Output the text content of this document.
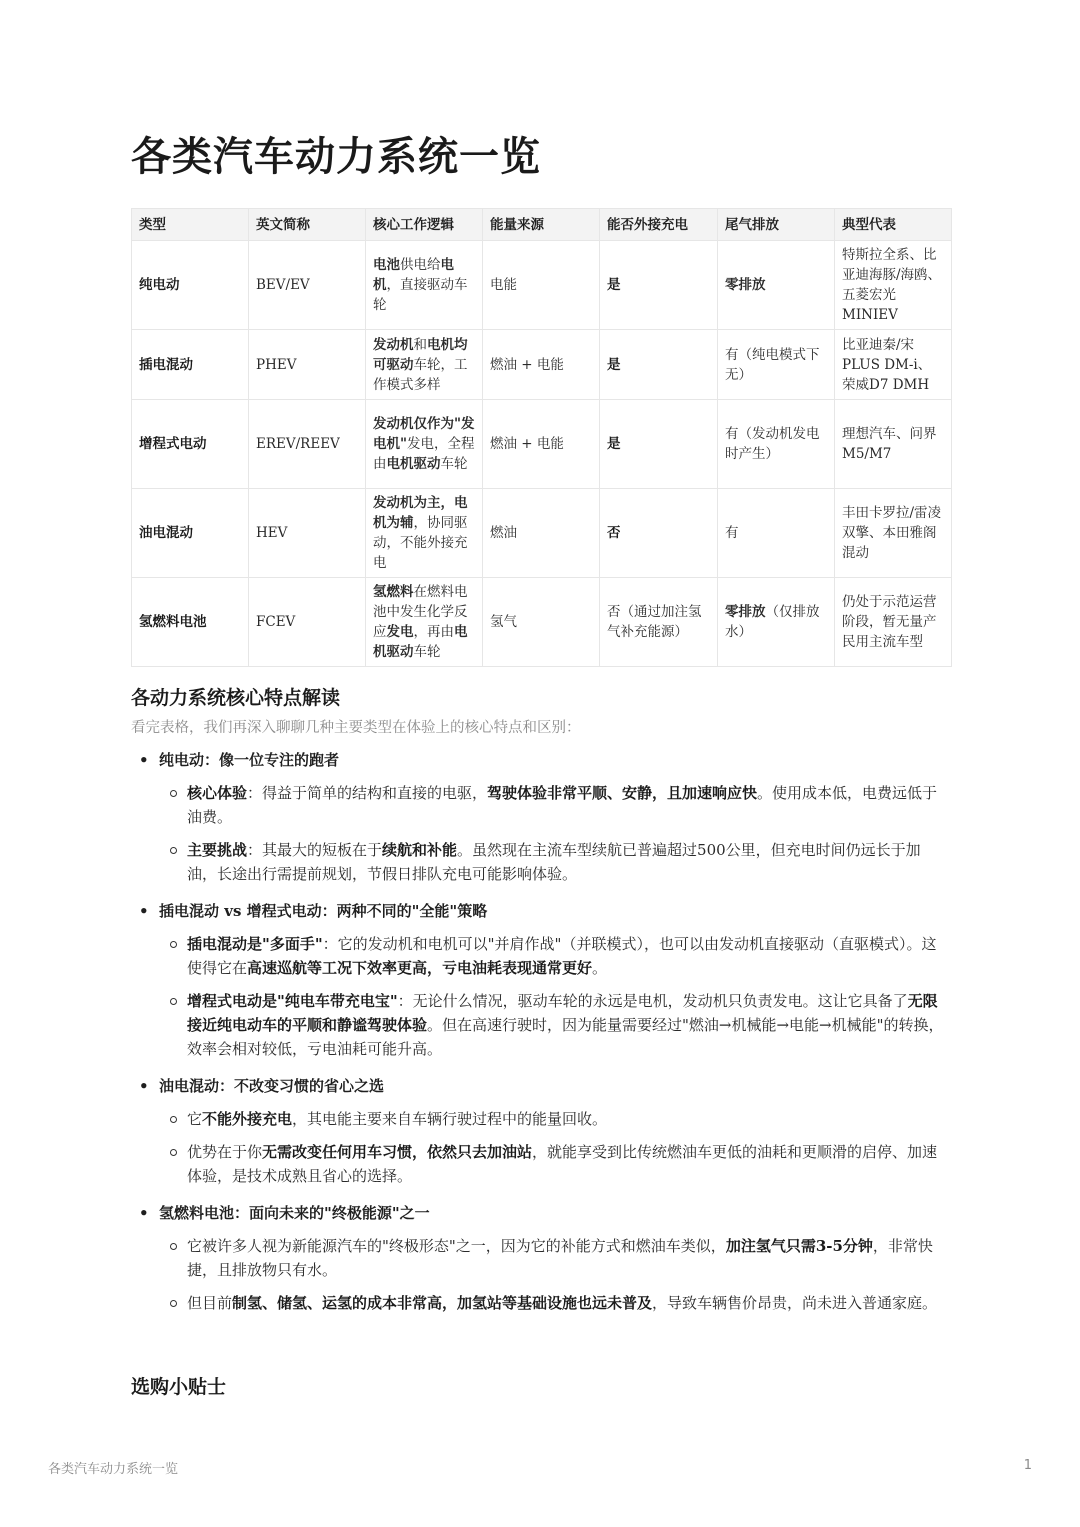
各类汽车动力系统一览
类型	英文简称	核心工作逻辑	能量来源	能否外接充电	尾气排放	典型代表
纯电动	BEV/EV	电池供电给电机，直接驱动车轮	电能	是	零排放	特斯拉全系、比亚迪海豚/海鸥、五菱宏光MINIEV
插电混动	PHEV	发动机和电机均可驱动车轮，工作模式多样	燃油 + 电能	是	有（纯电模式下无）	比亚迪秦/宋PLUS DM-i、荣威D7 DMH
增程式电动	EREV/REEV	发动机仅作为"发电机"发电，全程由电机驱动车轮	燃油 + 电能	是	有（发动机发电时产生）	理想汽车、问界M5/M7
油电混动	HEV	发动机为主，电机为辅，协同驱动，不能外接充电	燃油	否	有	丰田卡罗拉/雷凌双擎、本田雅阁混动
氢燃料电池	FCEV	氢燃料在燃料电池中发生化学反应发电，再由电机驱动车轮	氢气	否（通过加注氢气补充能源）	零排放（仅排放水）	仍处于示范运营阶段，暂无量产民用主流车型
各动力系统核心特点解读
看完表格，我们再深入聊聊几种主要类型在体验上的核心特点和区别：
• 纯电动：像一位专注的跑者
核心体验：得益于简单的结构和直接的电驱，驾驶体验非常平顺、安静，且加速响应快。使用成本低，电费远低于油费。
主要挑战：其最大的短板在于续航和补能。虽然现在主流车型续航已普遍超过500公里，但充电时间仍远长于加油，长途出行需提前规划，节假日排队充电可能影响体验。
• 插电混动 vs 增程式电动：两种不同的"全能"策略
插电混动是"多面手"：它的发动机和电机可以"并肩作战"（并联模式），也可以由发动机直接驱动（直驱模式）。这使得它在高速巡航等工况下效率更高，亏电油耗表现通常更好。
增程式电动是"纯电车带充电宝"：无论什么情况，驱动车轮的永远是电机，发动机只负责发电。这让它具备了无限接近纯电动车的平顺和静谧驾驶体验。但在高速行驶时，因为能量需要经过"燃油→机械能→电能→机械能"的转换，效率会相对较低，亏电油耗可能升高。
• 油电混动：不改变习惯的省心之选
它不能外接充电，其电能主要来自车辆行驶过程中的能量回收。
优势在于你无需改变任何用车习惯，依然只去加油站，就能享受到比传统燃油车更低的油耗和更顺滑的启停、加速体验，是技术成熟且省心的选择。
• 氢燃料电池：面向未来的"终极能源"之一
它被许多人视为新能源汽车的"终极形态"之一，因为它的补能方式和燃油车类似，加注氢气只需3-5分钟，非常快捷，且排放物只有水。
但目前制氢、储氢、运氢的成本非常高，加氢站等基础设施也远未普及，导致车辆售价昂贵，尚未进入普通家庭。
选购小贴士
各类汽车动力系统一览	1
